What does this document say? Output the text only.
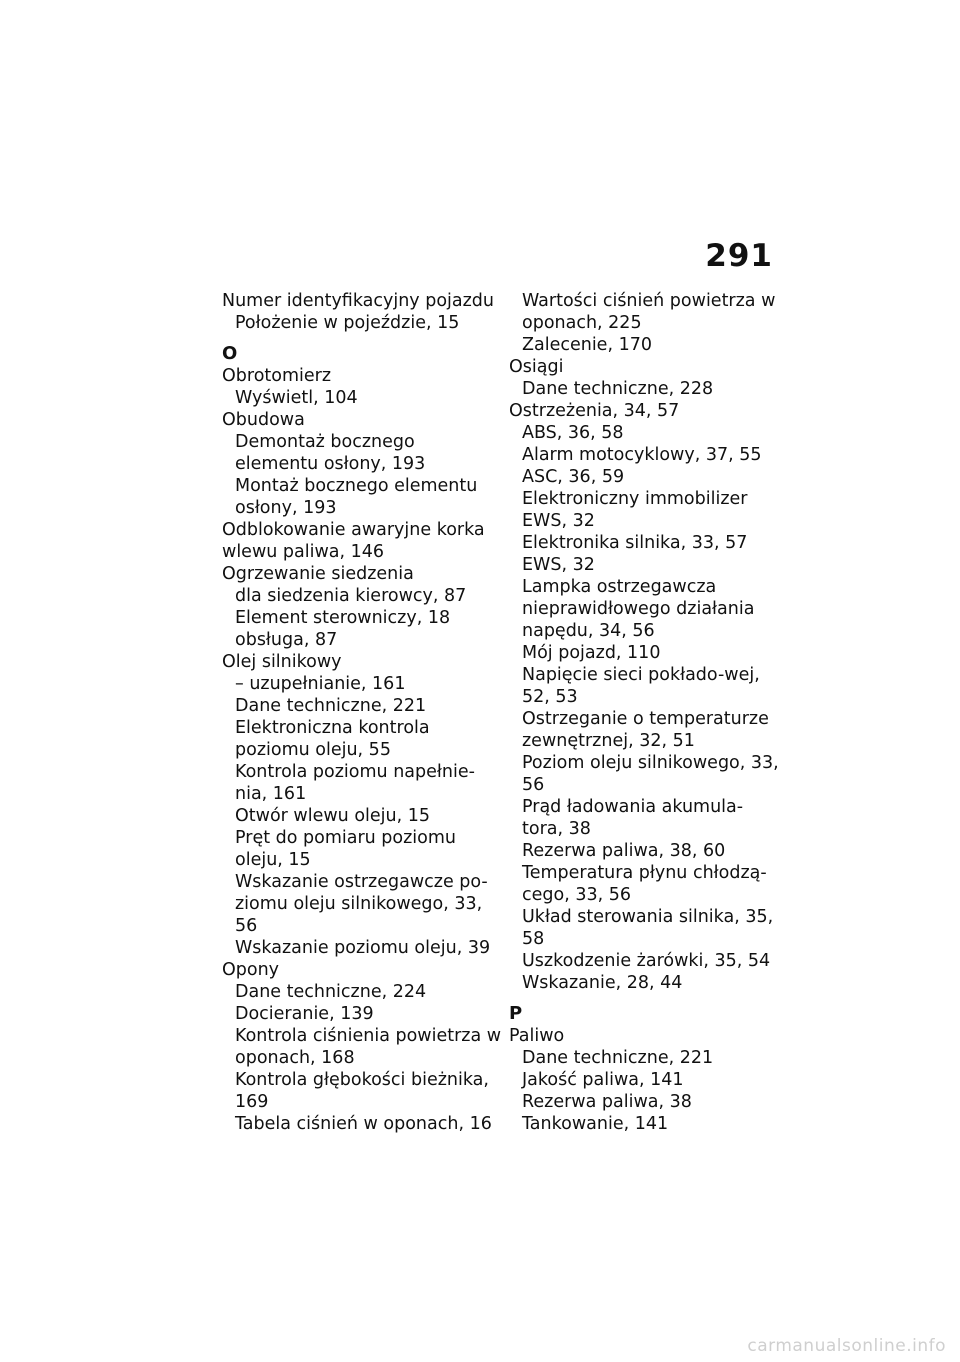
291
Numer identyfikacyjny pojazdu
Położenie w pojeździe, 15
O
Obrotomierz
Wyświetl, 104
Obudowa
Demontaż bocznego elementu osłony, 193
Montaż bocznego elementu osłony, 193
Odblokowanie awaryjne korka wlewu paliwa, 146
Ogrzewanie siedzenia
dla siedzenia kierowcy, 87
Element sterowniczy, 18
obsługa, 87
Olej silnikowy
– uzupełnianie, 161
Dane techniczne, 221
Elektroniczna kontrola poziomu oleju, 55
Kontrola poziomu napełnie-nia, 161
Otwór wlewu oleju, 15
Pręt do pomiaru poziomu oleju, 15
Wskazanie ostrzegawcze po-ziomu oleju silnikowego, 33, 56
Wskazanie poziomu oleju, 39
Opony
Dane techniczne, 224
Docieranie, 139
Kontrola ciśnienia powietrza w oponach, 168
Kontrola głębokości bieżnika, 169
Tabela ciśnień w oponach, 16
Wartości ciśnień powietrza w oponach, 225
Zalecenie, 170
Osiągi
Dane techniczne, 228
Ostrzeżenia, 34, 57
ABS, 36, 58
Alarm motocyklowy, 37, 55
ASC, 36, 59
Elektroniczny immobilizer EWS, 32
Elektronika silnika, 33, 57
EWS, 32
Lampka ostrzegawcza nieprawidłowego działania napędu, 34, 56
Mój pojazd, 110
Napięcie sieci pokłado-wej, 52, 53
Ostrzeganie o temperaturze zewnętrznej, 32, 51
Poziom oleju silnikowego, 33, 56
Prąd ładowania akumula-tora, 38
Rezerwa paliwa, 38, 60
Temperatura płynu chłodzą-cego, 33, 56
Układ sterowania silnika, 35, 58
Uszkodzenie żarówki, 35, 54
Wskazanie, 28, 44
P
Paliwo
Dane techniczne, 221
Jakość paliwa, 141
Rezerwa paliwa, 38
Tankowanie, 141
carmanualsonline.info
